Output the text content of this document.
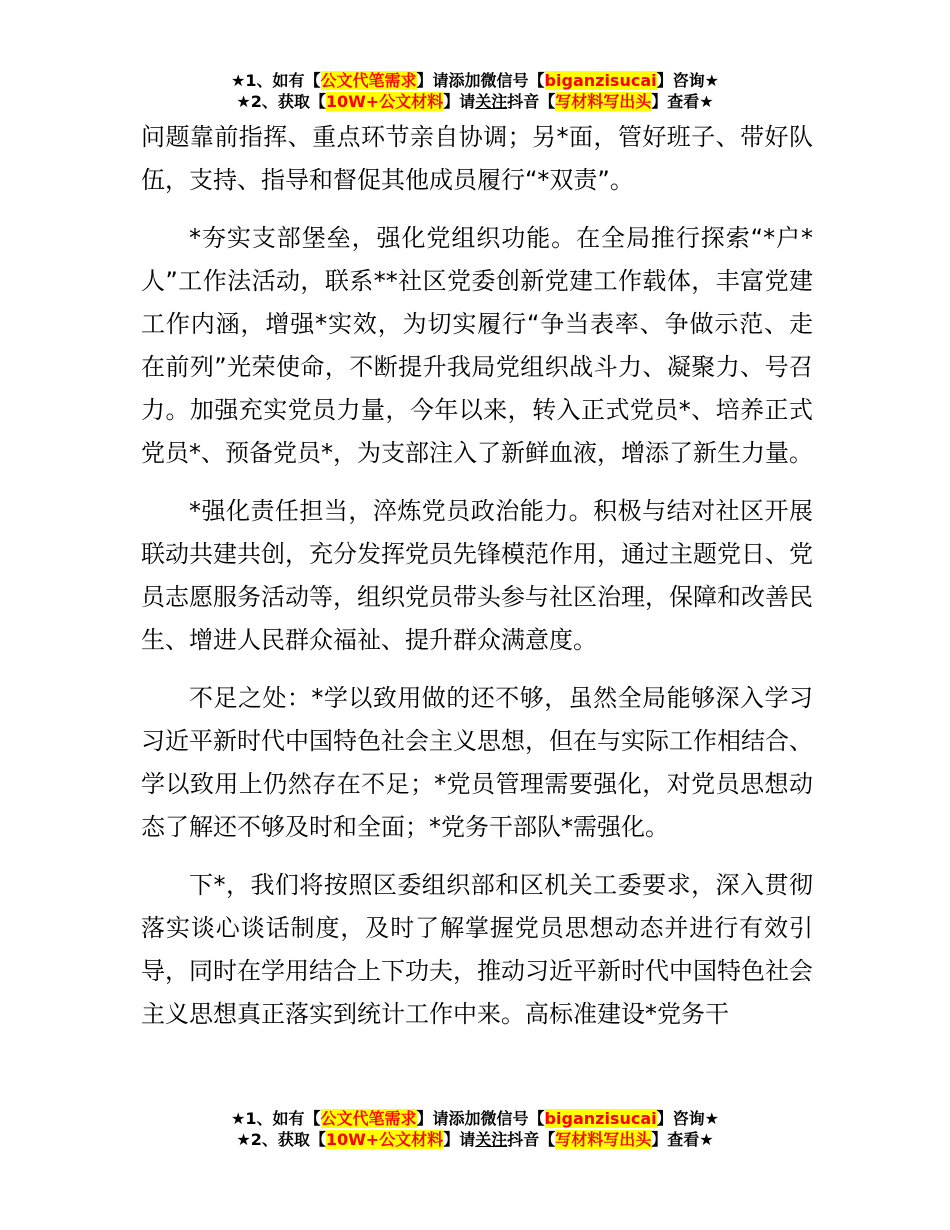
★1、如有【公文代笔需求】请添加微信号【biganzisucai】咨询★
★2、获取【10W+公文材料】请关注抖音【写材料写出头】查看★

问题靠前指挥、重点环节亲自协调；另*面，管好班子、带好队伍，支持、指导和督促其他成员履行“*双责”。

*夯实支部堡垒，强化党组织功能。在全局推行探索“*户*人”工作法活动，联系**社区党委创新党建工作载体，丰富党建工作内涵，增强*实效，为切实履行“争当表率、争做示范、走在前列”光荣使命，不断提升我局党组织战斗力、凝聚力、号召力。加强充实党员力量，今年以来，转入正式党员*、培养正式党员*、预备党员*，为支部注入了新鲜血液，增添了新生力量。

*强化责任担当，淬炼党员政治能力。积极与结对社区开展联动共建共创，充分发挥党员先锋模范作用，通过主题党日、党员志愿服务活动等，组织党员带头参与社区治理，保障和改善民生、增进人民群众福祉、提升群众满意度。

不足之处：*学以致用做的还不够，虽然全局能够深入学习习近平新时代中国特色社会主义思想，但在与实际工作相结合、学以致用上仍然存在不足；*党员管理需要强化，对党员思想动态了解还不够及时和全面；*党务干部队*需强化。

下*，我们将按照区委组织部和区机关工委要求，深入贯彻落实谈心谈话制度，及时了解掌握党员思想动态并进行有效引导，同时在学用结合上下功夫，推动习近平新时代中国特色社会主义思想真正落实到统计工作中来。高标准建设*党务干

★1、如有【公文代笔需求】请添加微信号【biganzisucai】咨询★
★2、获取【10W+公文材料】请关注抖音【写材料写出头】查看★
